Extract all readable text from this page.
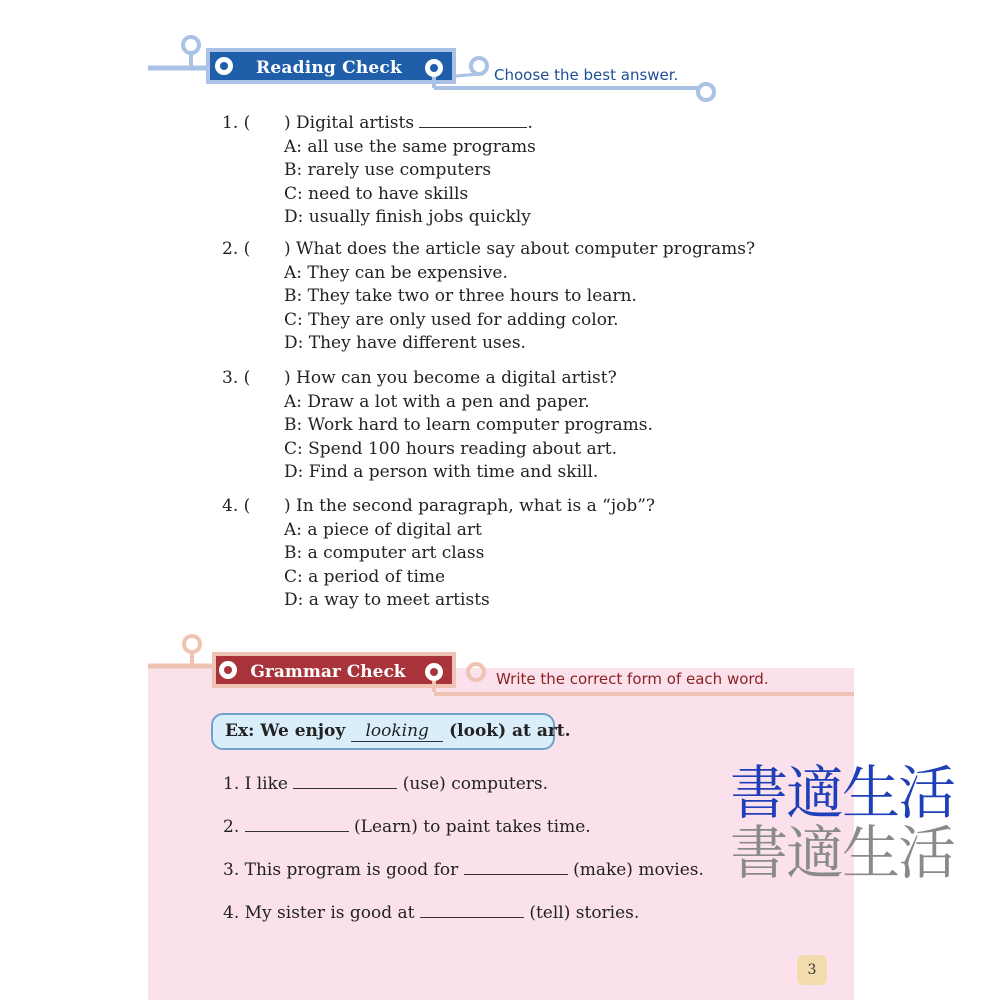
Reading Check	Choose the best answer.
1. ( ) Digital artists	.
A: all use the same programs
B: rarely use computers
C: need to have skills
D: usually finish jobs quickly
2. ( ) What does the article say about computer programs?
A: They can be expensive.
B: They take two or three hours to learn.
C: They are only used for adding color.
D: They have different uses.
3. ( ) How can you become a digital artist?
A: Draw a lot with a pen and paper.
B: Work hard to learn computer programs.
C: Spend 100 hours reading about art.
D: Find a person with time and skill.
4. ( ) In the second paragraph, what is a “job”?
A: a piece of digital art
B: a computer art class
C: a period of time
D: a way to meet artists
Grammar Check	Write the correct form of each word.
Ex: We enjoy looking (look) at art.
1. I like	(use) computers.
2.	(Learn) to paint takes time.
3. This program is good for	(make) movies.
4. My sister is good at	(tell) stories.
書適生活
書適生活
3
